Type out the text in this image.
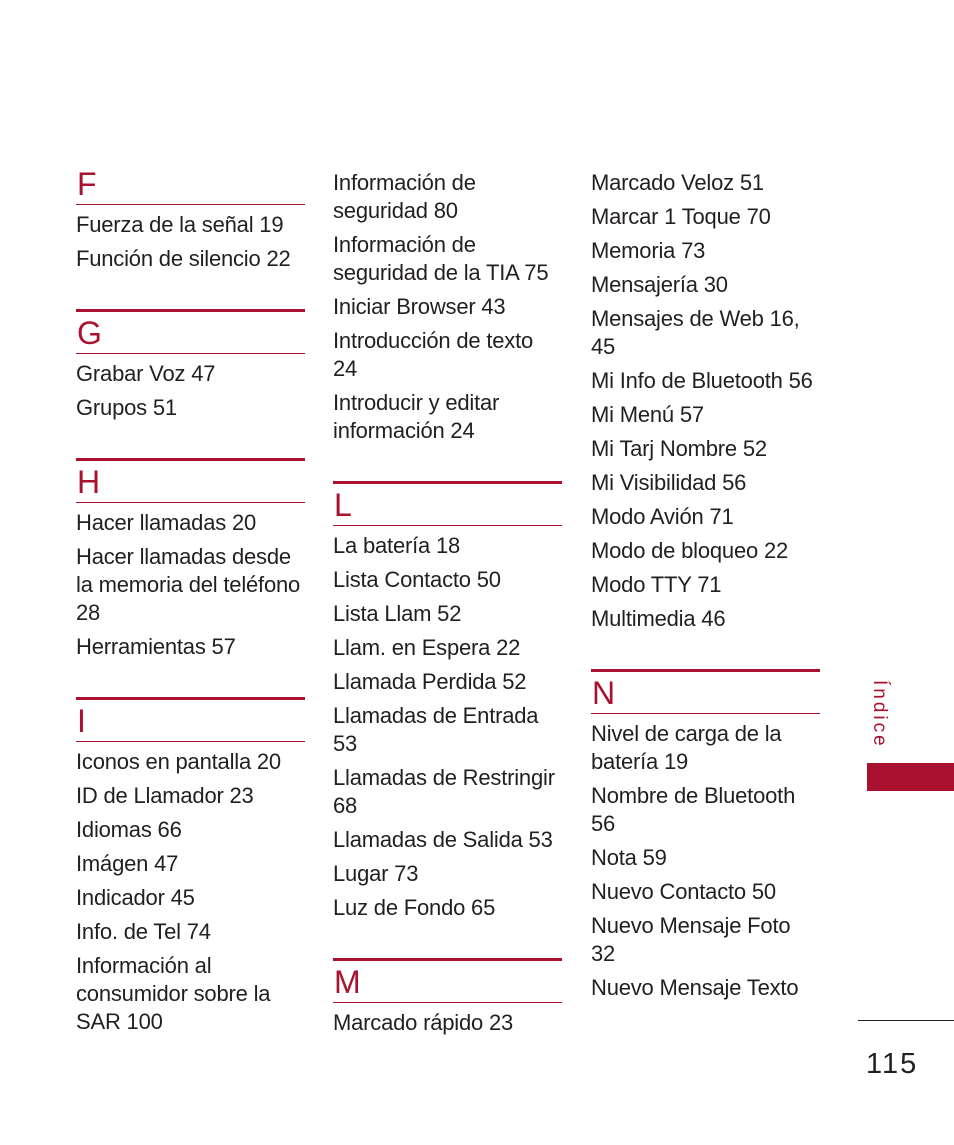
F

Fuerza de la señal 19

Función de silencio 22

G

Grabar Voz 47

Grupos 51

H

Hacer llamadas 20

Hacer llamadas desde la memoria del teléfono 28

Herramientas 57

I

Iconos en pantalla 20

ID de Llamador 23

Idiomas 66

Imágen 47

Indicador 45

Info. de Tel 74

Información al consumidor sobre la SAR 100

Información de seguridad 80

Información de seguridad de la TIA 75

Iniciar Browser 43

Introducción de texto 24

Introducir y editar información 24

L

La batería 18

Lista Contacto 50

Lista Llam 52

Llam. en Espera 22

Llamada Perdida 52

Llamadas de Entrada 53

Llamadas de Restringir 68

Llamadas de Salida 53

Lugar 73

Luz de Fondo 65

M

Marcado rápido 23

Marcado Veloz 51

Marcar 1 Toque 70

Memoria 73

Mensajería 30

Mensajes de Web 16, 45

Mi Info de Bluetooth 56

Mi Menú 57

Mi Tarj Nombre 52

Mi Visibilidad 56

Modo Avión 71

Modo de bloqueo 22

Modo TTY 71

Multimedia 46

N

Nivel de carga de la batería 19

Nombre de Bluetooth 56

Nota 59

Nuevo Contacto 50

Nuevo Mensaje Foto 32

Nuevo Mensaje Texto

Índice
115
